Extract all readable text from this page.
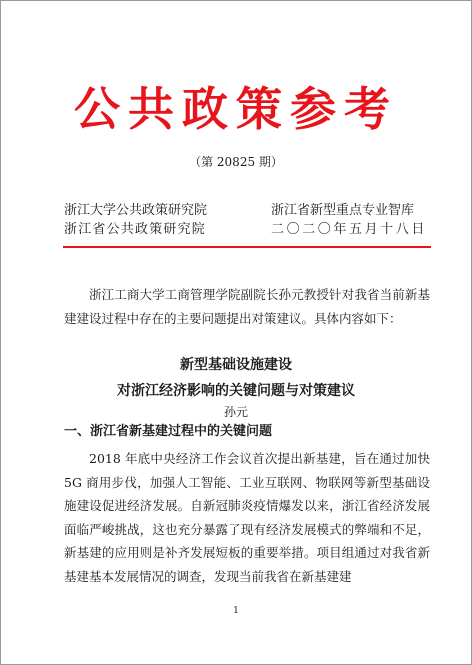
公共政策参考
（第 20825 期）
浙江大学公共政策研究院
浙江省公共政策研究院
浙江省新型重点专业智库
二〇二〇年五月十八日

浙江工商大学工商管理学院副院长孙元教授针对我省当前新基建建设过程中存在的主要问题提出对策建议。具体内容如下：

新型基础设施建设
对浙江经济影响的关键问题与对策建议
孙元
一、浙江省新基建过程中的关键问题

2018 年底中央经济工作会议首次提出新基建，旨在通过加快 5G 商用步伐，加强人工智能、工业互联网、物联网等新型基础设施建设促进经济发展。自新冠肺炎疫情爆发以来，浙江省经济发展面临严峻挑战，这也充分暴露了现有经济发展模式的弊端和不足，新基建的应用则是补齐发展短板的重要举措。项目组通过对我省新基建基本发展情况的调查，发现当前我省在新基建建

1
